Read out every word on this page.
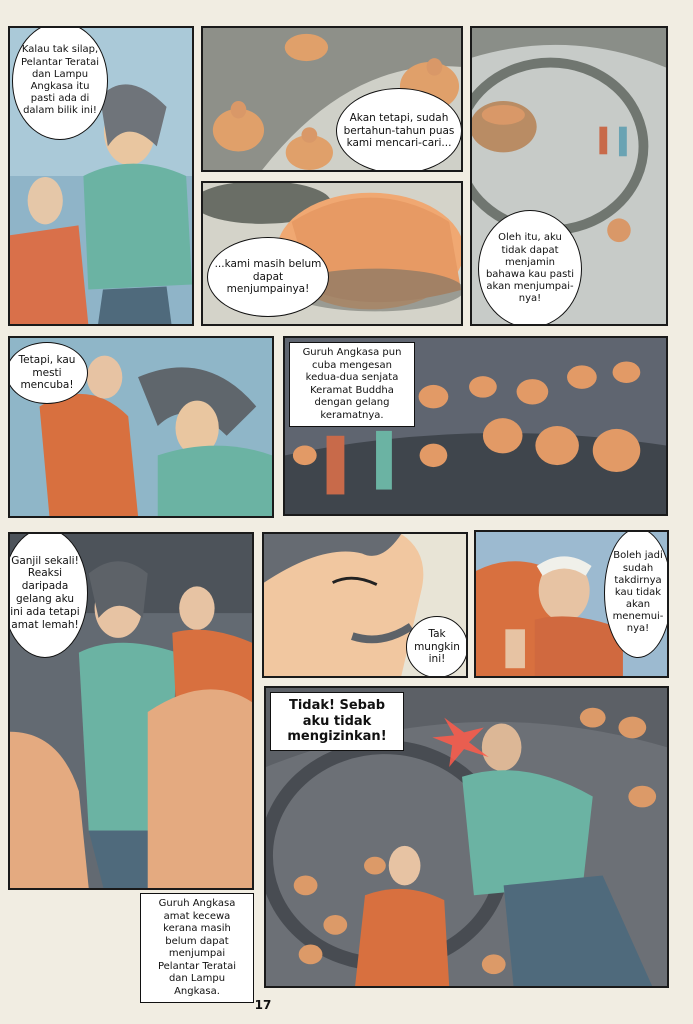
Kalau tak silap, Pelantar Teratai dan Lampu Angkasa itu pasti ada di dalam bilik ini!
Akan tetapi, sudah bertahun-tahun puas kami mencari-cari...
Oleh itu, aku tidak dapat menjamin bahawa kau pasti akan menjumpai-nya!
...kami masih belum dapat menjumpainya!
Tetapi, kau mesti mencuba!
Guruh Angkasa pun cuba mengesan kedua-dua senjata Keramat Buddha dengan gelang keramatnya.
Ganjil sekali! Reaksi daripada gelang aku ini ada tetapi amat lemah!
Tak mungkin ini!
Boleh jadi sudah takdirnya kau tidak akan menemui-nya!
Tidak! Sebab aku tidak mengizinkan!
Guruh Angkasa amat kecewa kerana masih belum dapat menjumpai Pelantar Teratai dan Lampu Angkasa.
17
